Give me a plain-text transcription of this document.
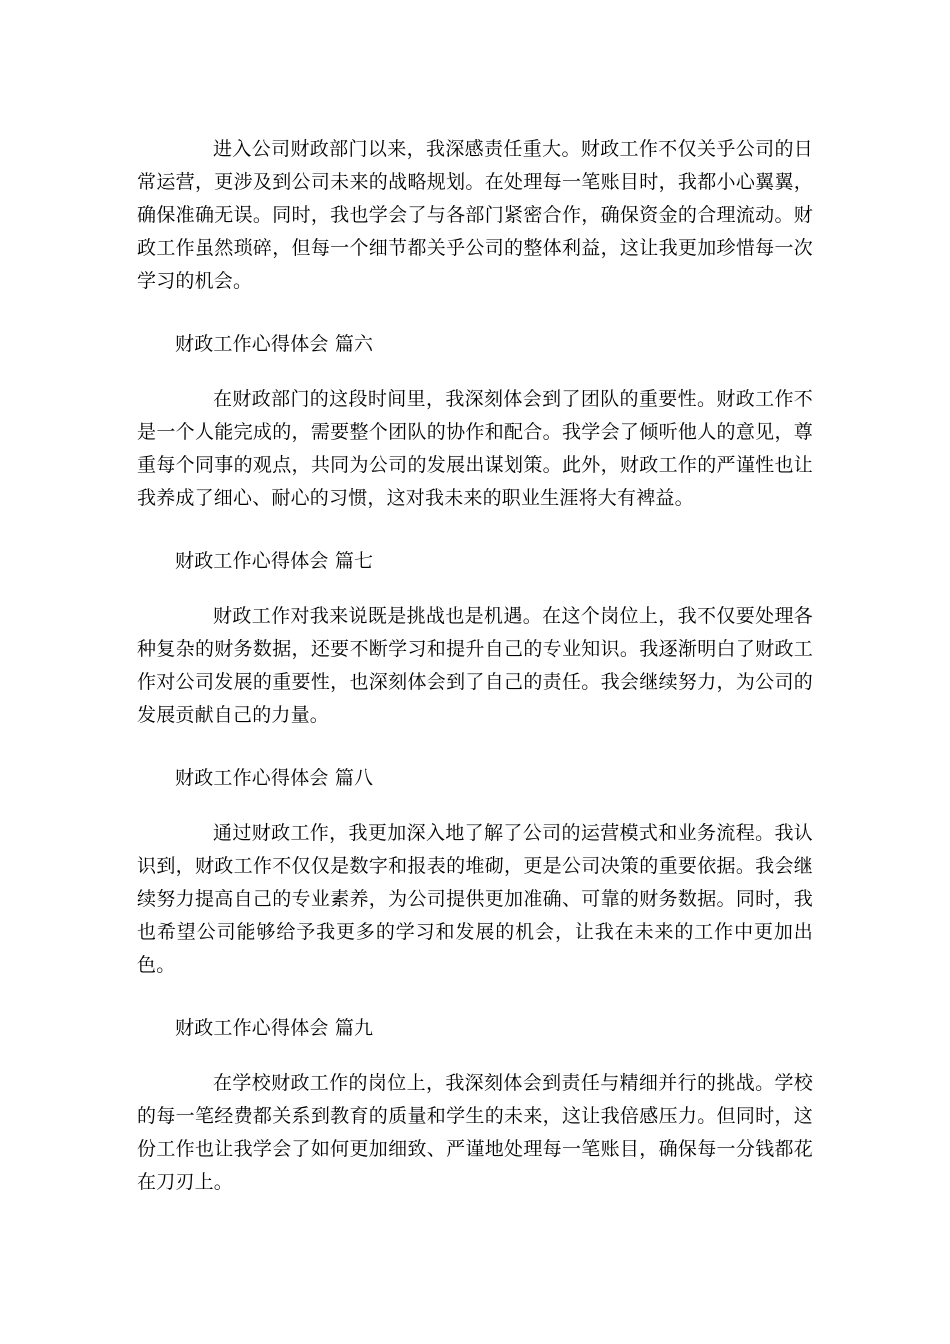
进入公司财政部门以来，我深感责任重大。财政工作不仅关乎公司的日常运营，更涉及到公司未来的战略规划。在处理每一笔账目时，我都小心翼翼，确保准确无误。同时，我也学会了与各部门紧密合作，确保资金的合理流动。财政工作虽然琐碎，但每一个细节都关乎公司的整体利益，这让我更加珍惜每一次学习的机会。

财政工作心得体会 篇六

在财政部门的这段时间里，我深刻体会到了团队的重要性。财政工作不是一个人能完成的，需要整个团队的协作和配合。我学会了倾听他人的意见，尊重每个同事的观点，共同为公司的发展出谋划策。此外，财政工作的严谨性也让我养成了细心、耐心的习惯，这对我未来的职业生涯将大有裨益。

财政工作心得体会 篇七

财政工作对我来说既是挑战也是机遇。在这个岗位上，我不仅要处理各种复杂的财务数据，还要不断学习和提升自己的专业知识。我逐渐明白了财政工作对公司发展的重要性，也深刻体会到了自己的责任。我会继续努力，为公司的发展贡献自己的力量。

财政工作心得体会 篇八

通过财政工作，我更加深入地了解了公司的运营模式和业务流程。我认识到，财政工作不仅仅是数字和报表的堆砌，更是公司决策的重要依据。我会继续努力提高自己的专业素养，为公司提供更加准确、可靠的财务数据。同时，我也希望公司能够给予我更多的学习和发展的机会，让我在未来的工作中更加出色。

财政工作心得体会 篇九

在学校财政工作的岗位上，我深刻体会到责任与精细并行的挑战。学校的每一笔经费都关系到教育的质量和学生的未来，这让我倍感压力。但同时，这份工作也让我学会了如何更加细致、严谨地处理每一笔账目，确保每一分钱都花在刀刃上。
